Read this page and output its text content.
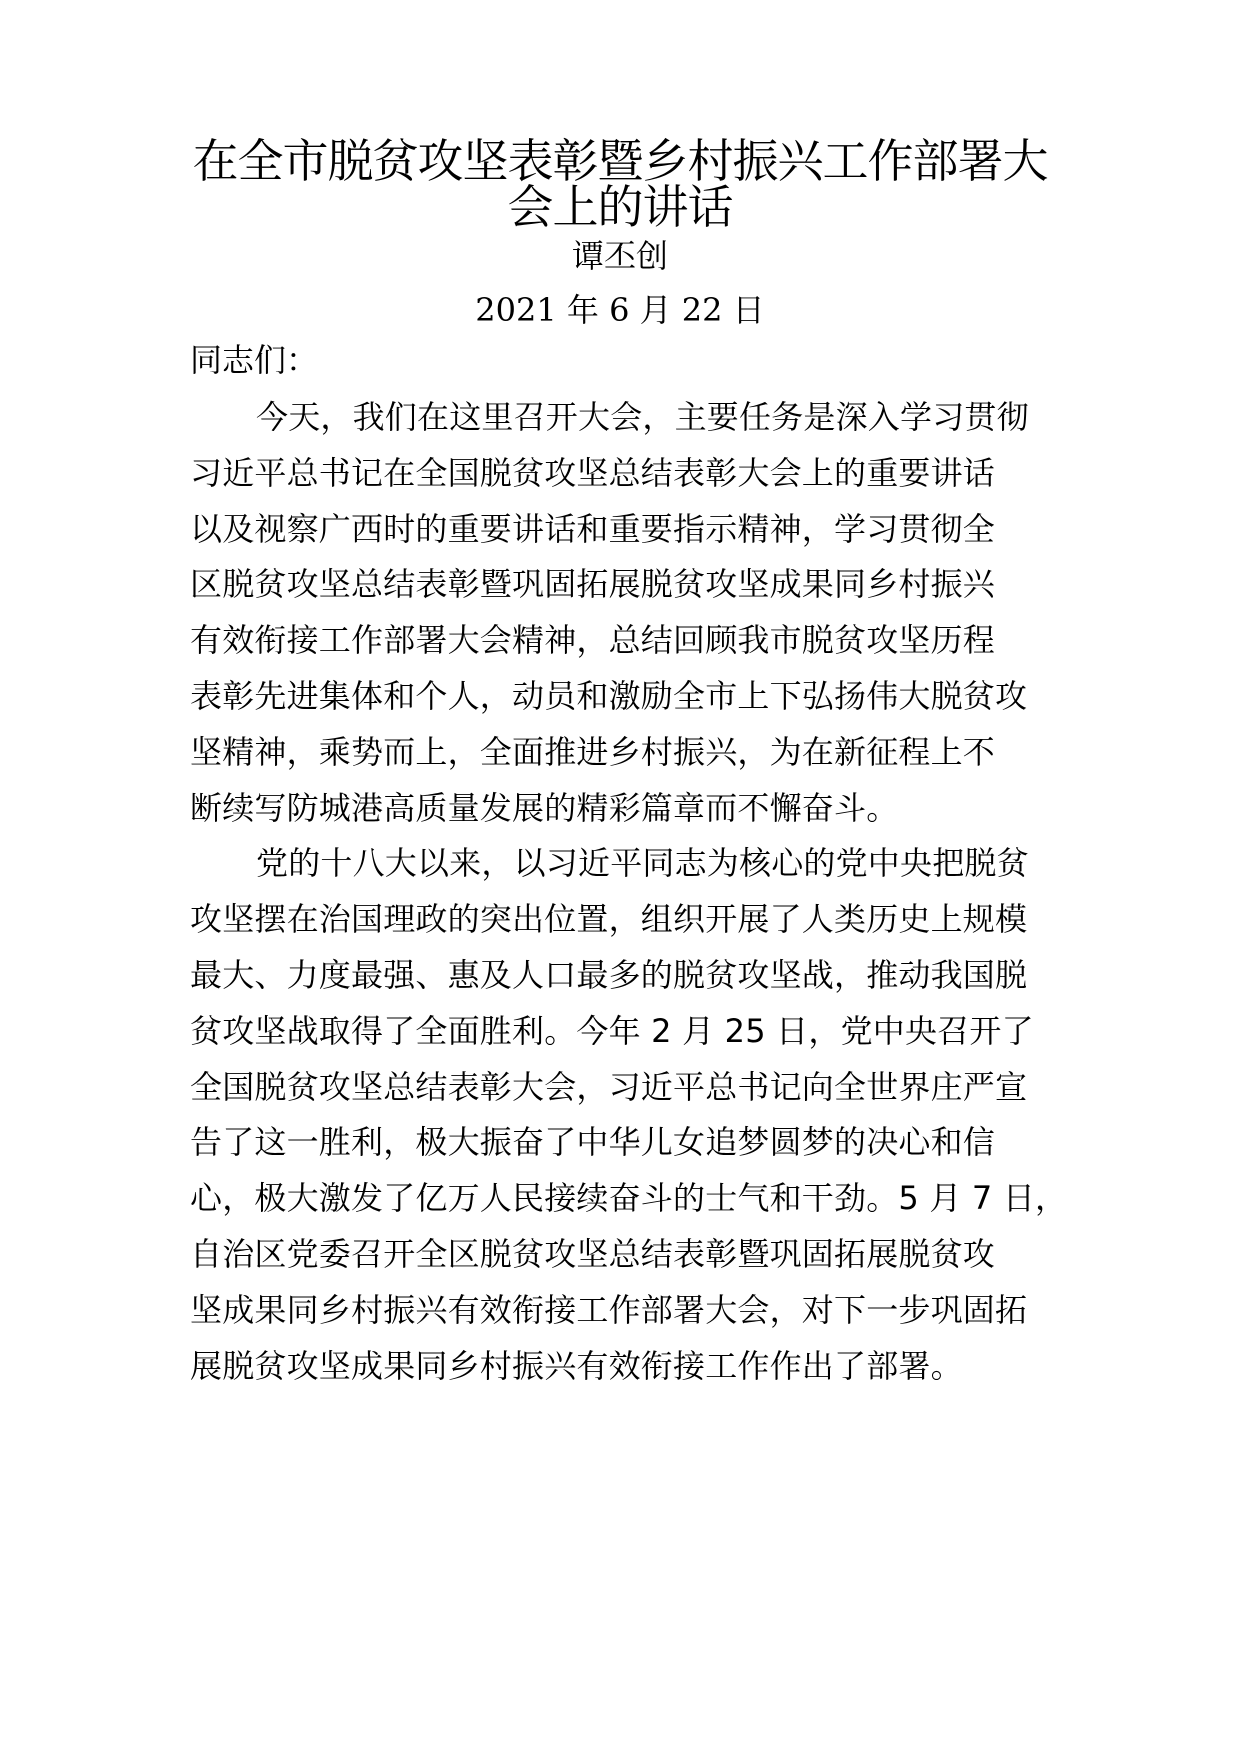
在全市脱贫攻坚表彰暨乡村振兴工作部署大会上的讲话
谭丕创
2021 年 6 月 22 日
同志们：
今天，我们在这里召开大会，主要任务是深入学习贯彻
习近平总书记在全国脱贫攻坚总结表彰大会上的重要讲话
以及视察广西时的重要讲话和重要指示精神，学习贯彻全
区脱贫攻坚总结表彰暨巩固拓展脱贫攻坚成果同乡村振兴
有效衔接工作部署大会精神，总结回顾我市脱贫攻坚历程
表彰先进集体和个人，动员和激励全市上下弘扬伟大脱贫攻
坚精神，乘势而上，全面推进乡村振兴，为在新征程上不
断续写防城港高质量发展的精彩篇章而不懈奋斗。
党的十八大以来，以习近平同志为核心的党中央把脱贫
攻坚摆在治国理政的突出位置，组织开展了人类历史上规模
最大、力度最强、惠及人口最多的脱贫攻坚战，推动我国脱
贫攻坚战取得了全面胜利。今年 2 月 25 日，党中央召开了
全国脱贫攻坚总结表彰大会，习近平总书记向全世界庄严宣
告了这一胜利，极大振奋了中华儿女追梦圆梦的决心和信
心，极大激发了亿万人民接续奋斗的士气和干劲。5 月 7 日，
自治区党委召开全区脱贫攻坚总结表彰暨巩固拓展脱贫攻
坚成果同乡村振兴有效衔接工作部署大会，对下一步巩固拓
展脱贫攻坚成果同乡村振兴有效衔接工作作出了部署。
